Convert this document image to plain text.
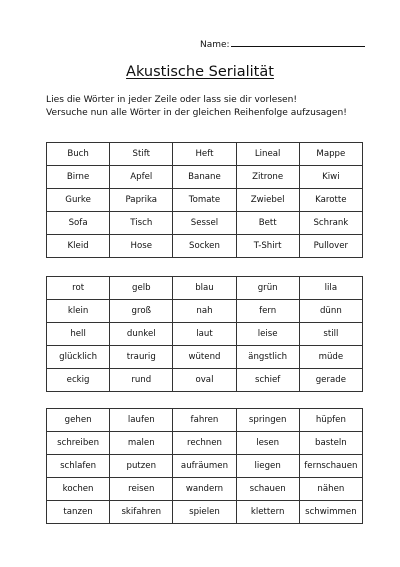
Name:
Akustische Serialität
Lies die Wörter in jeder Zeile oder lass sie dir vorlesen!
Versuche nun alle Wörter in der gleichen Reihenfolge aufzusagen!
Buch	Stift	Heft	Lineal	Mappe
Birne	Apfel	Banane	Zitrone	Kiwi
Gurke	Paprika	Tomate	Zwiebel	Karotte
Sofa	Tisch	Sessel	Bett	Schrank
Kleid	Hose	Socken	T-Shirt	Pullover
rot	gelb	blau	grün	lila
klein	groß	nah	fern	dünn
hell	dunkel	laut	leise	still
glücklich	traurig	wütend	ängstlich	müde
eckig	rund	oval	schief	gerade
gehen	laufen	fahren	springen	hüpfen
schreiben	malen	rechnen	lesen	basteln
schlafen	putzen	aufräumen	liegen	fernschauen
kochen	reisen	wandern	schauen	nähen
tanzen	skifahren	spielen	klettern	schwimmen
